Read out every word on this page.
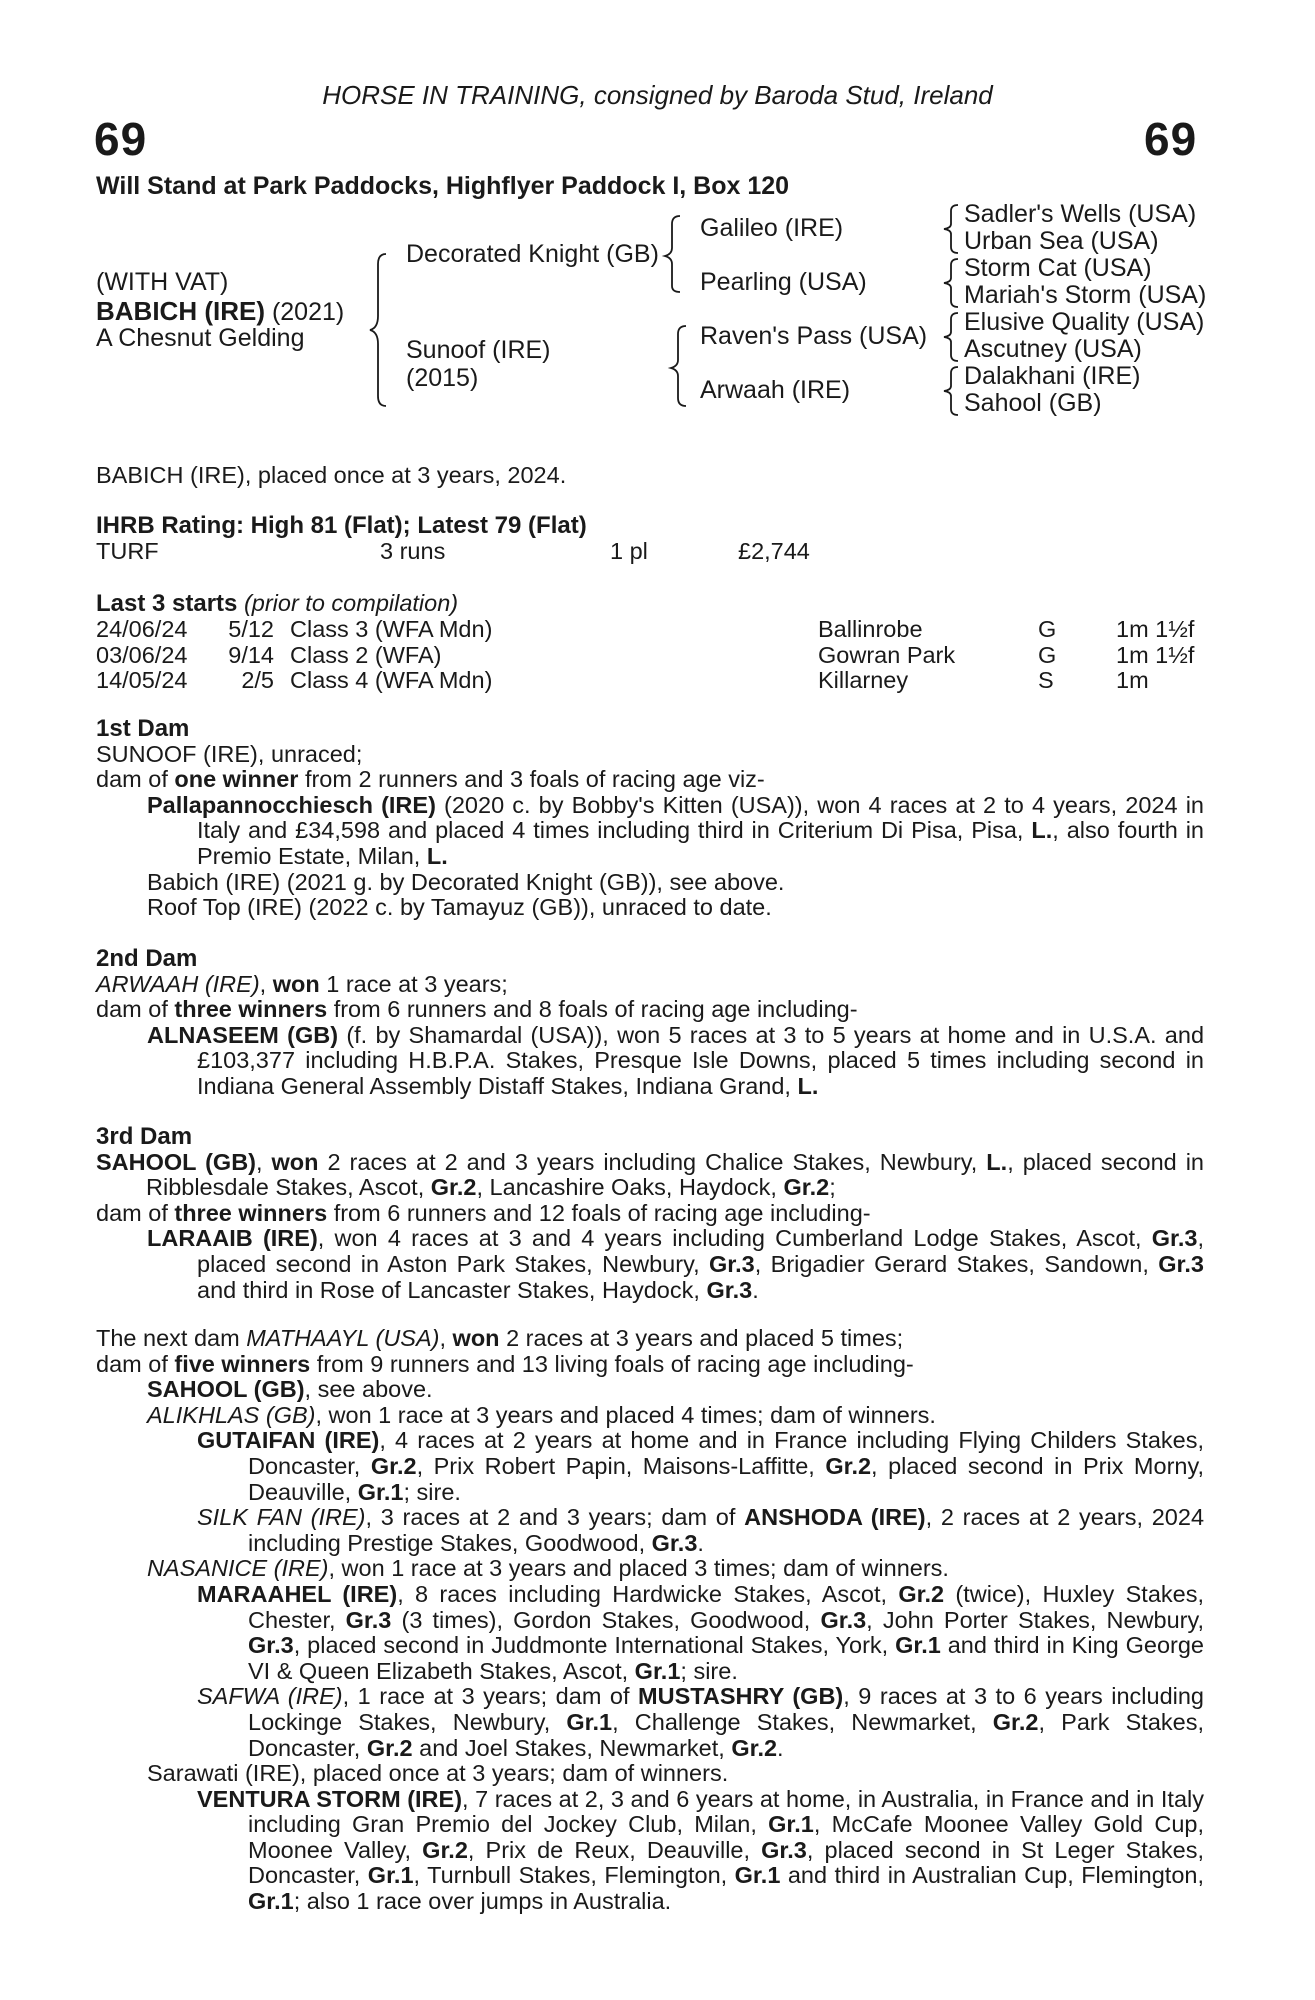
HORSE IN TRAINING, consigned by Baroda Stud, Ireland
69	69
Will Stand at Park Paddocks, Highflyer Paddock I, Box 120
(WITH VAT)
BABICH (IRE) (2021)
A Chesnut Gelding
Decorated Knight (GB)
Sunoof (IRE)
(2015)
Galileo (IRE)
Pearling (USA)
Raven's Pass (USA)
Arwaah (IRE)
Sadler's Wells (USA)
Urban Sea (USA)
Storm Cat (USA)
Mariah's Storm (USA)
Elusive Quality (USA)
Ascutney (USA)
Dalakhani (IRE)
Sahool (GB)
BABICH (IRE), placed once at 3 years, 2024.
IHRB Rating: High 81 (Flat); Latest 79 (Flat)
TURF	3 runs	1 pl	£2,744
Last 3 starts (prior to compilation)
24/06/24 5/12 Class 3 (WFA Mdn)	Ballinrobe	G	1m 1½f
03/06/24 9/14 Class 2 (WFA)	Gowran Park	G	1m 1½f
14/05/24	2/5 Class 4 (WFA Mdn)	Killarney	S	1m

1st Dam

SUNOOF (IRE), unraced;

dam of one winner from 2 runners and 3 foals of racing age viz-

Pallapannocchiesch (IRE) (2020 c. by Bobby's Kitten (USA)), won 4 races at 2 to 4 years, 2024 in Italy and £34,598 and placed 4 times including third in Criterium Di Pisa, Pisa, L., also fourth in Premio Estate, Milan, L.

Babich (IRE) (2021 g. by Decorated Knight (GB)), see above.

Roof Top (IRE) (2022 c. by Tamayuz (GB)), unraced to date.

2nd Dam

ARWAAH (IRE), won 1 race at 3 years;

dam of three winners from 6 runners and 8 foals of racing age including-

ALNASEEM (GB) (f. by Shamardal (USA)), won 5 races at 3 to 5 years at home and in U.S.A. and £103,377 including H.B.P.A. Stakes, Presque Isle Downs, placed 5 times including second in Indiana General Assembly Distaff Stakes, Indiana Grand, L.

3rd Dam

SAHOOL (GB), won 2 races at 2 and 3 years including Chalice Stakes, Newbury, L., placed second in Ribblesdale Stakes, Ascot, Gr.2, Lancashire Oaks, Haydock, Gr.2;

dam of three winners from 6 runners and 12 foals of racing age including-

LARAAIB (IRE), won 4 races at 3 and 4 years including Cumberland Lodge Stakes, Ascot, Gr.3, placed second in Aston Park Stakes, Newbury, Gr.3, Brigadier Gerard Stakes, Sandown, Gr.3 and third in Rose of Lancaster Stakes, Haydock, Gr.3.

The next dam MATHAAYL (USA), won 2 races at 3 years and placed 5 times;

dam of five winners from 9 runners and 13 living foals of racing age including-

SAHOOL (GB), see above.

ALIKHLAS (GB), won 1 race at 3 years and placed 4 times; dam of winners.

GUTAIFAN (IRE), 4 races at 2 years at home and in France including Flying Childers Stakes, Doncaster, Gr.2, Prix Robert Papin, Maisons-Laffitte, Gr.2, placed second in Prix Morny, Deauville, Gr.1; sire.

SILK FAN (IRE), 3 races at 2 and 3 years; dam of ANSHODA (IRE), 2 races at 2 years, 2024 including Prestige Stakes, Goodwood, Gr.3.

NASANICE (IRE), won 1 race at 3 years and placed 3 times; dam of winners.

MARAAHEL (IRE), 8 races including Hardwicke Stakes, Ascot, Gr.2 (twice), Huxley Stakes, Chester, Gr.3 (3 times), Gordon Stakes, Goodwood, Gr.3, John Porter Stakes, Newbury, Gr.3, placed second in Juddmonte International Stakes, York, Gr.1 and third in King George VI & Queen Elizabeth Stakes, Ascot, Gr.1; sire.

SAFWA (IRE), 1 race at 3 years; dam of MUSTASHRY (GB), 9 races at 3 to 6 years including Lockinge Stakes, Newbury, Gr.1, Challenge Stakes, Newmarket, Gr.2, Park Stakes, Doncaster, Gr.2 and Joel Stakes, Newmarket, Gr.2.

Sarawati (IRE), placed once at 3 years; dam of winners.

VENTURA STORM (IRE), 7 races at 2, 3 and 6 years at home, in Australia, in France and in Italy including Gran Premio del Jockey Club, Milan, Gr.1, McCafe Moonee Valley Gold Cup, Moonee Valley, Gr.2, Prix de Reux, Deauville, Gr.3, placed second in St Leger Stakes, Doncaster, Gr.1, Turnbull Stakes, Flemington, Gr.1 and third in Australian Cup, Flemington, Gr.1; also 1 race over jumps in Australia.
